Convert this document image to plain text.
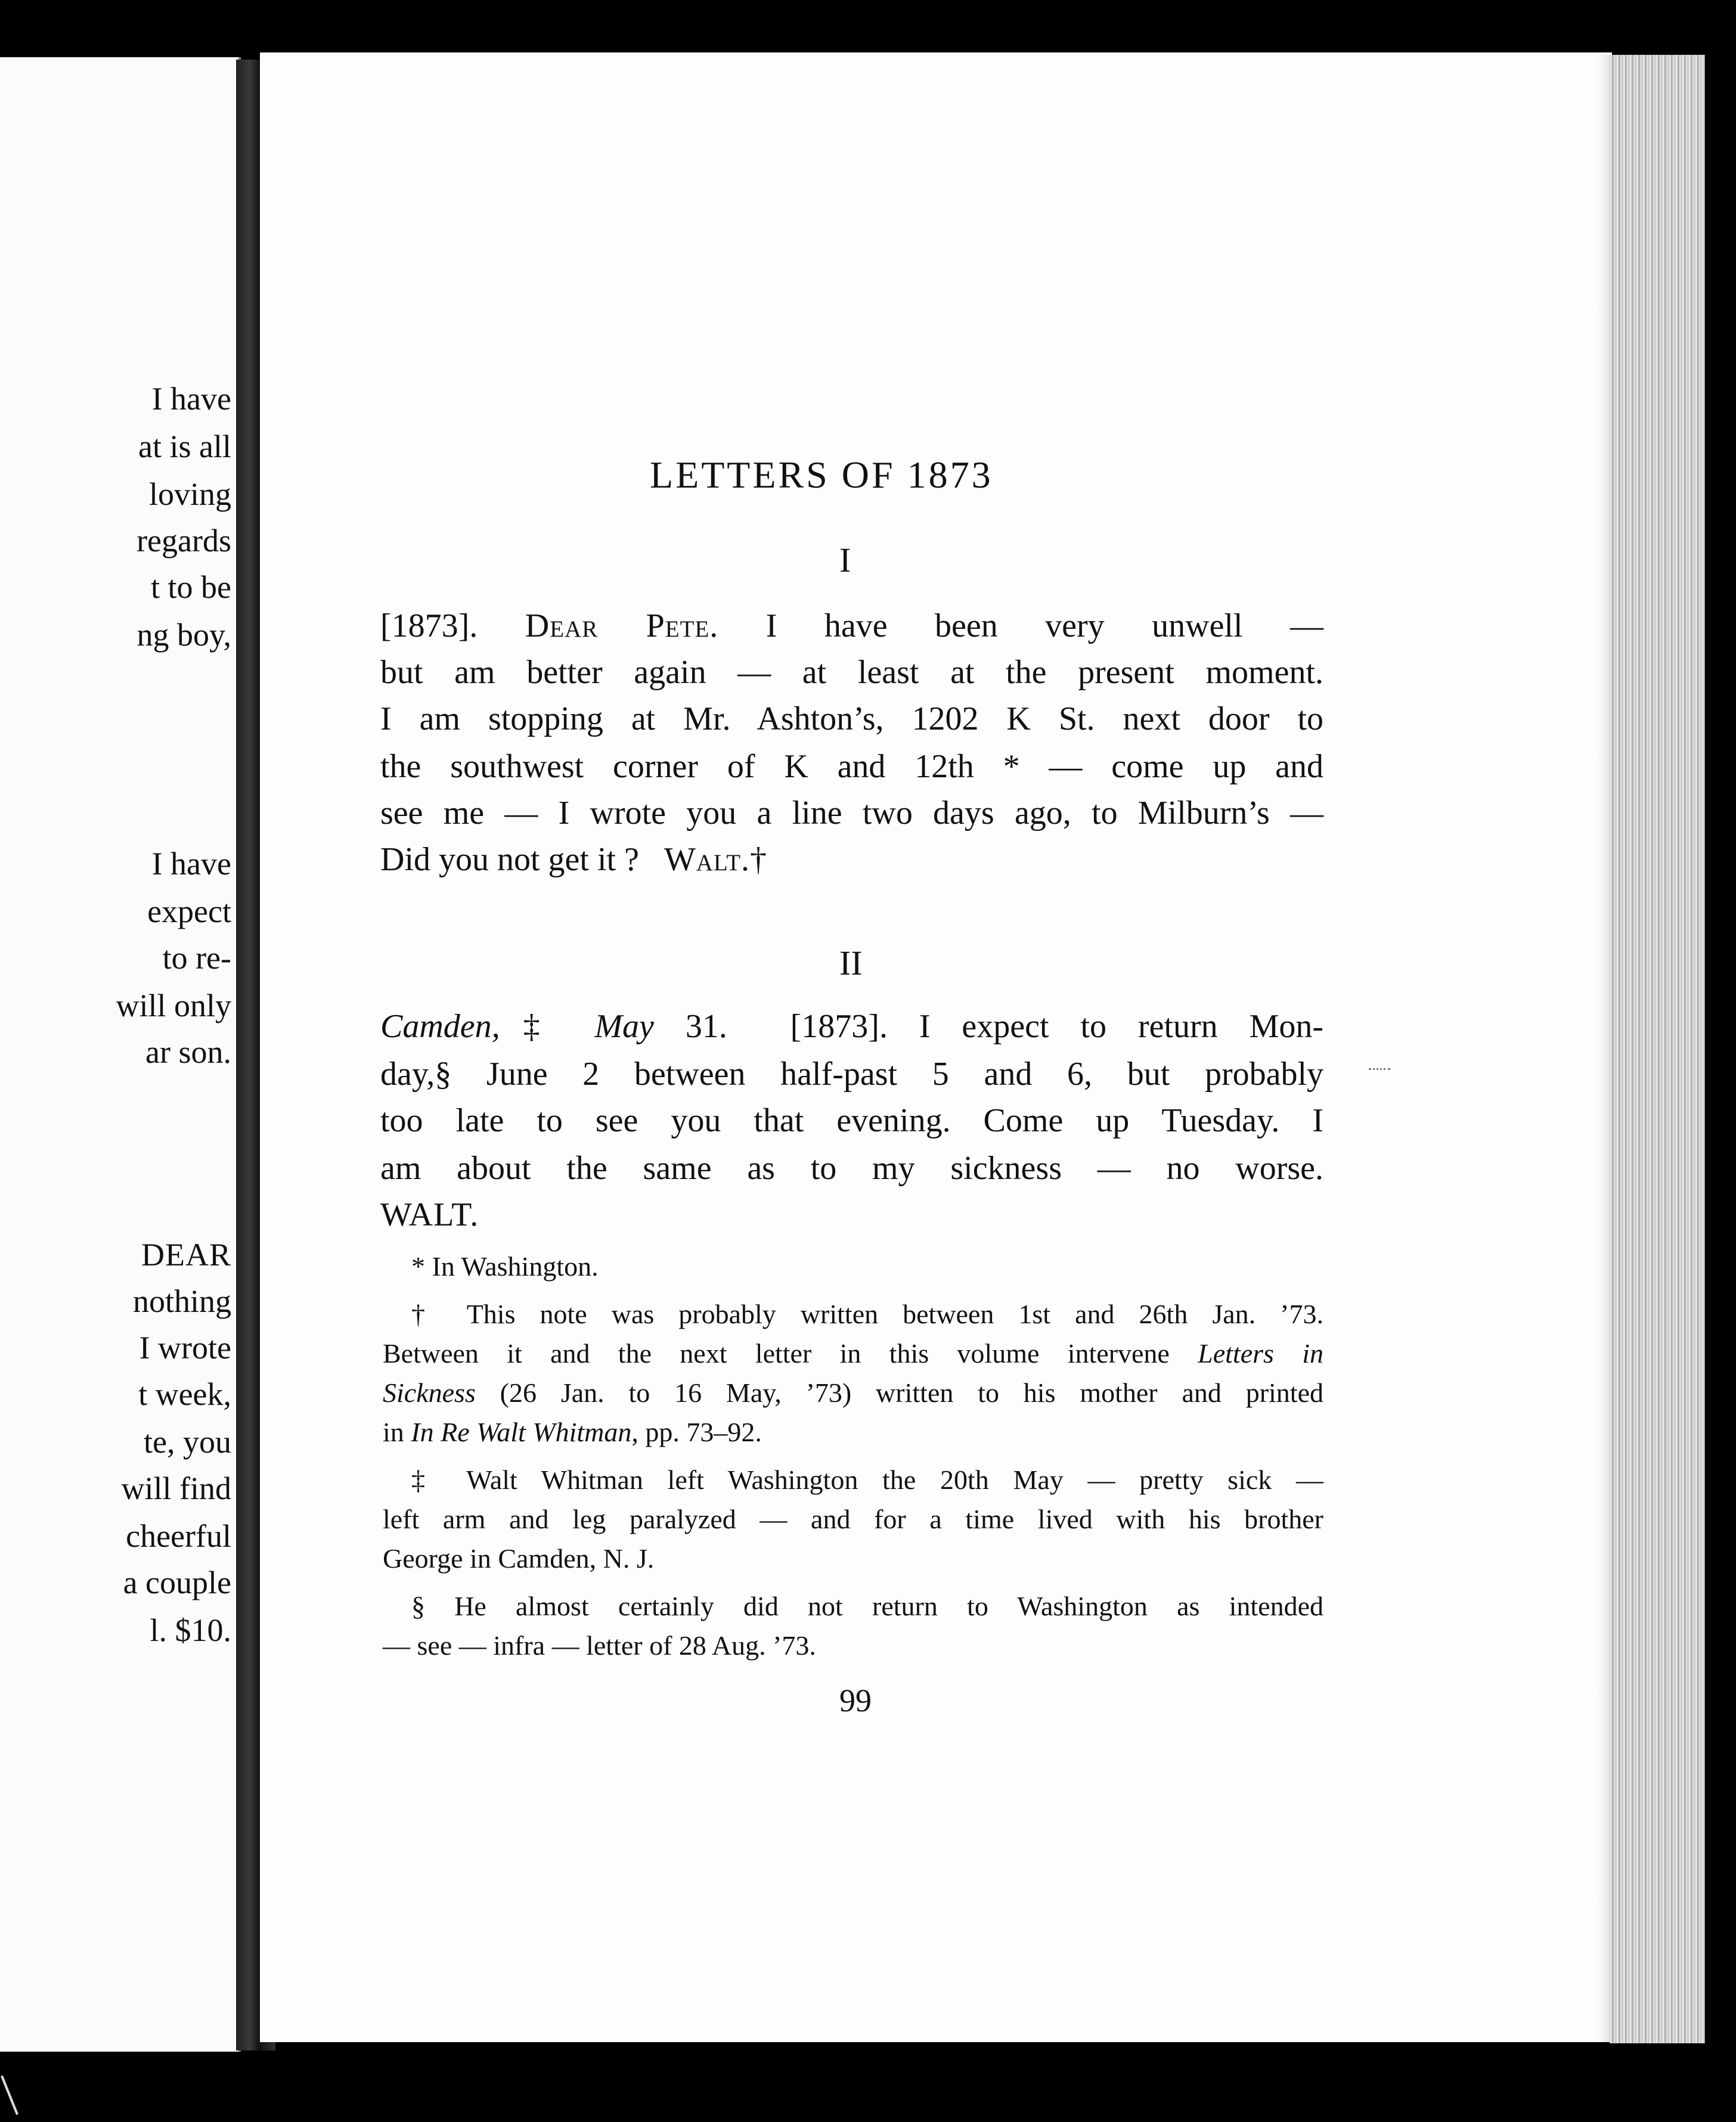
I have
at is all
loving
regards
t to be
ng boy,
I have
expect
to re-
will only
ar son.
DEAR
nothing
I wrote
t week,
te, you
will find
cheerful
a couple
l. $10.
LETTERS OF 1873
I
[1873]. Dear Pete. I have been very unwell —
but am better again — at least at the present moment.
I am stopping at Mr. Ashton’s, 1202 K St. next door to
the southwest corner of K and 12th * — come up and
see me — I wrote you a line two days ago, to Milburn’s —
Did you not get it ?   Walt.†
II
Camden,‡ May 31.  [1873]. I expect to return Mon-
day,§ June 2 between half-past 5 and 6, but probably
too late to see you that evening. Come up Tuesday. I
am about the same as to my sickness — no worse.
WALT.
* In Washington.
† This note was probably written between 1st and 26th Jan. ’73.
Between it and the next letter in this volume intervene Letters in
Sickness (26 Jan. to 16 May, ’73) written to his mother and printed
in In Re Walt Whitman, pp. 73–92.
‡ Walt Whitman left Washington the 20th May — pretty sick —
left arm and leg paralyzed — and for a time lived with his brother
George in Camden, N. J.
§ He almost certainly did not return to Washington as intended
— see — infra — letter of 28 Aug. ’73.
99
